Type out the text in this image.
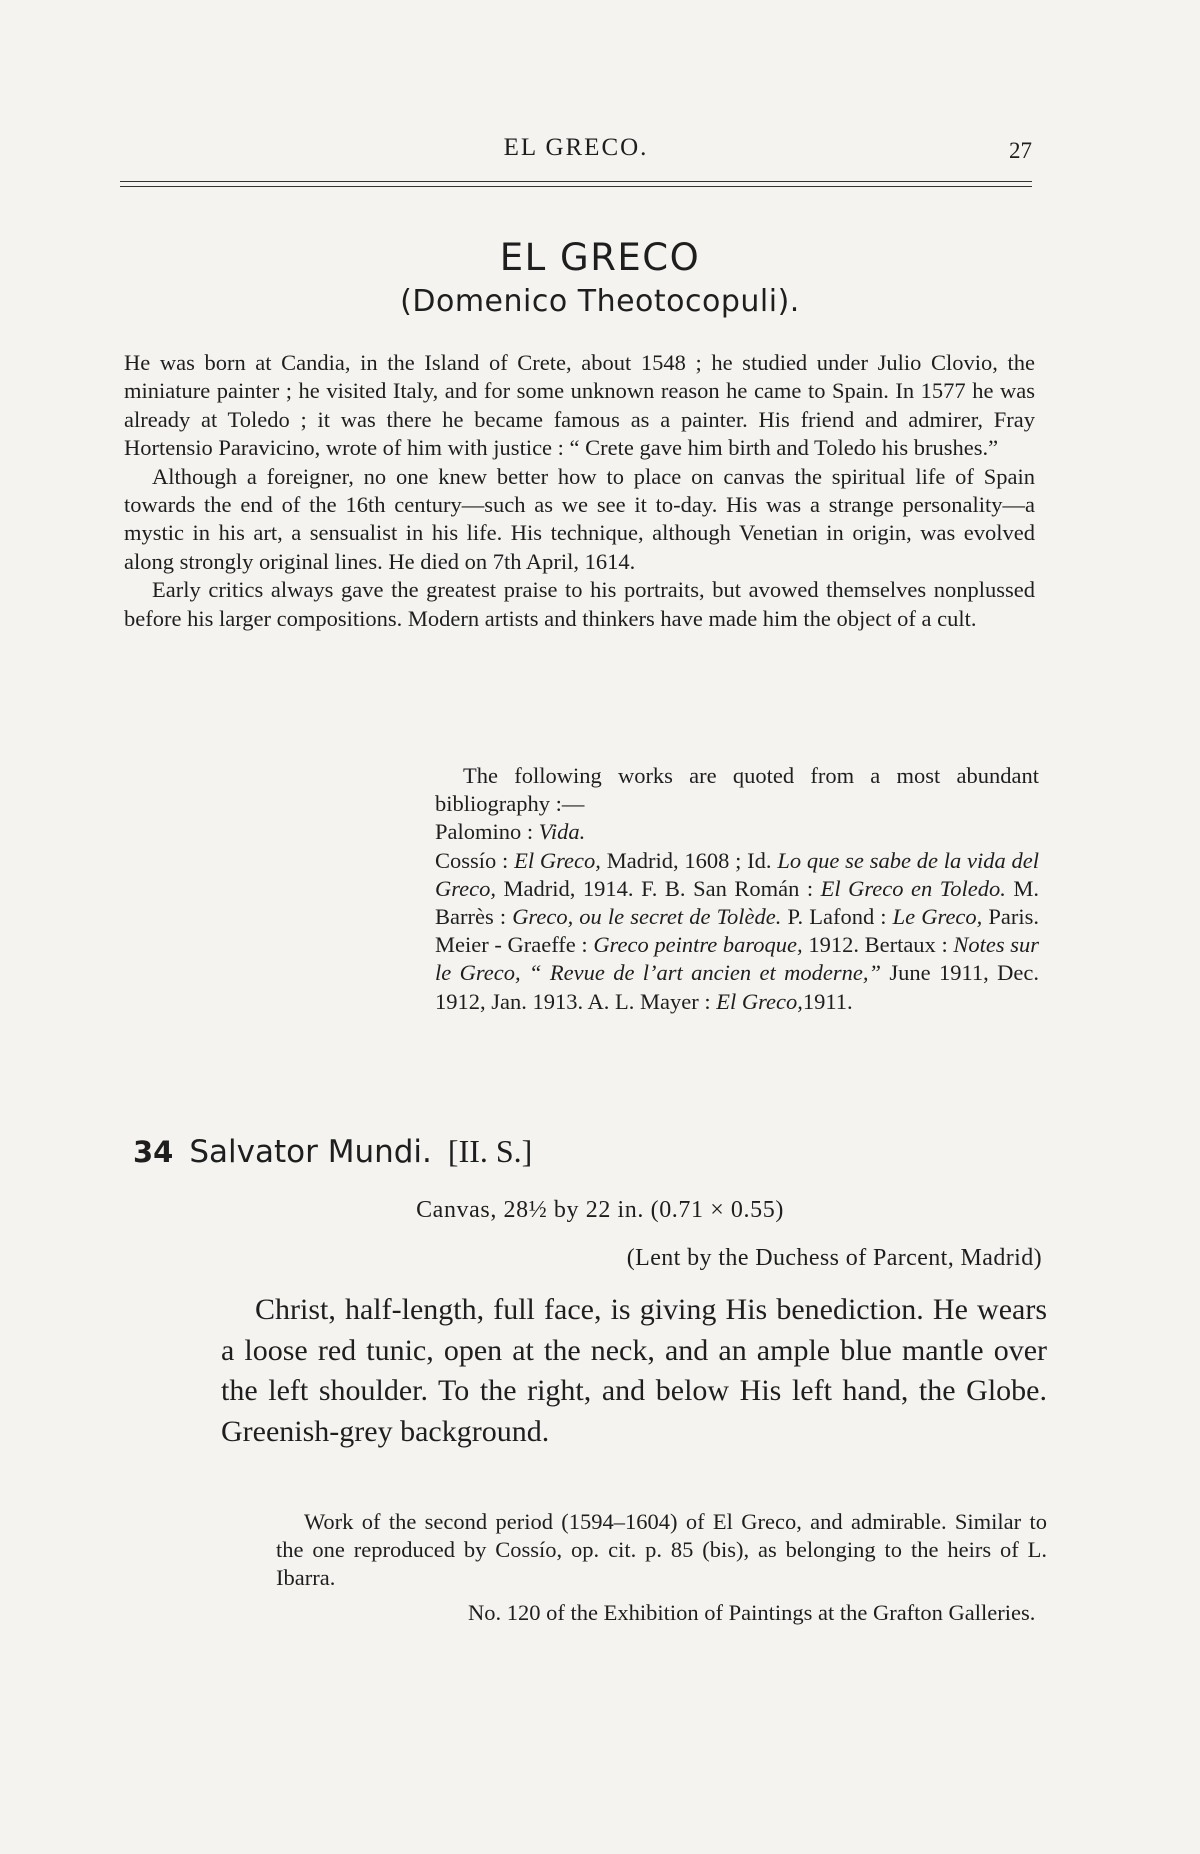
EL GRECO.	27
EL GRECO
(Domenico Theotocopuli).

He was born at Candia, in the Island of Crete, about 1548 ; he studied under Julio Clovio, the miniature painter ; he visited Italy, and for some unknown reason he came to Spain. In 1577 he was already at Toledo ; it was there he became famous as a painter. His friend and admirer, Fray Hortensio Paravicino, wrote of him with justice : “ Crete gave him birth and Toledo his brushes.”

Although a foreigner, no one knew better how to place on canvas the spiritual life of Spain towards the end of the 16th century—such as we see it to-day. His was a strange personality—a mystic in his art, a sensualist in his life. His technique, although Venetian in origin, was evolved along strongly original lines. He died on 7th April, 1614.

Early critics always gave the greatest praise to his portraits, but avowed themselves nonplussed before his larger compositions. Modern artists and thinkers have made him the object of a cult.

The following works are quoted from a most abundant bibliography :—

Palomino : Vida.

Cossío : El Greco, Madrid, 1608 ; Id. Lo que se sabe de la vida del Greco, Madrid, 1914. F. B. San Román : El Greco en Toledo. M. Barrès : Greco, ou le secret de Tolède. P. Lafond : Le Greco, Paris. Meier - Graeffe : Greco peintre baroque, 1912. Bertaux : Notes sur le Greco, “ Revue de l’art ancien et moderne,” June 1911, Dec. 1912, Jan. 1913. A. L. Mayer : El Greco,1911.

34 Salvator Mundi. [II. S.]
Canvas, 28½ by 22 in. (0.71 × 0.55)
(Lent by the Duchess of Parcent, Madrid)

Christ, half-length, full face, is giving His benediction. He wears a loose red tunic, open at the neck, and an ample blue mantle over the left shoulder. To the right, and below His left hand, the Globe. Greenish-grey background.

Work of the second period (1594–1604) of El Greco, and admirable. Similar to the one reproduced by Cossío, op. cit. p. 85 (bis), as belonging to the heirs of L. Ibarra.

No. 120 of the Exhibition of Paintings at the Grafton Galleries.
